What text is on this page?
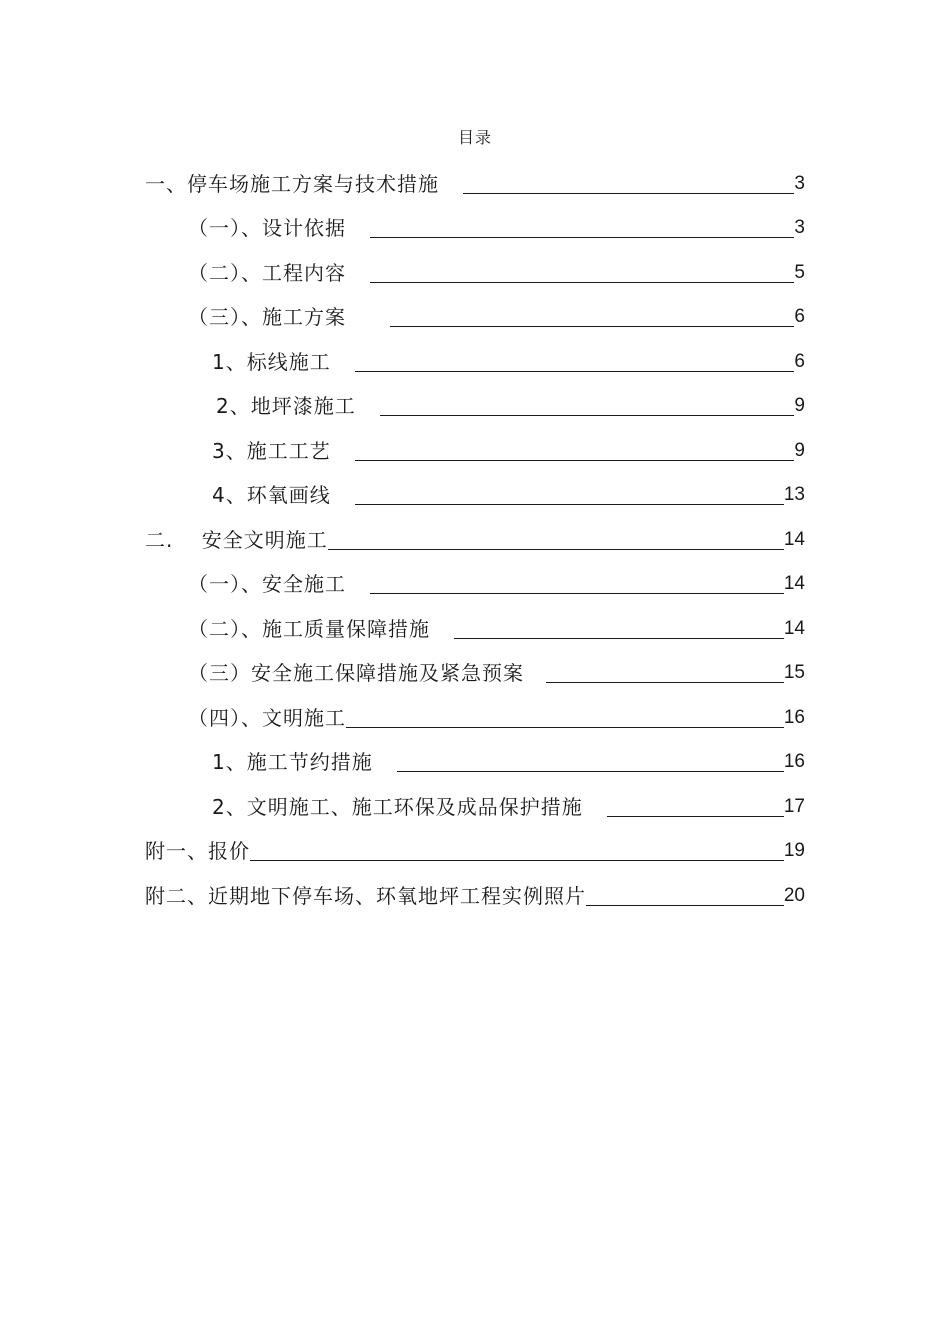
目录
一、停车场施工方案与技术措施	3
（一）、设计依据	3
（二）、工程内容	5
（三）、施工方案	6
1、标线施工	6
2、地坪漆施工	9
3、施工工艺	9
4、环氧画线	13
二.　 安全文明施工	14
（一）、安全施工	14
（二）、施工质量保障措施	14
（三）安全施工保障措施及紧急预案	15
（四）、文明施工	16
1、施工节约措施	16
2、文明施工、施工环保及成品保护措施	17
附一、报价	19
附二、近期地下停车场、环氧地坪工程实例照片	20
